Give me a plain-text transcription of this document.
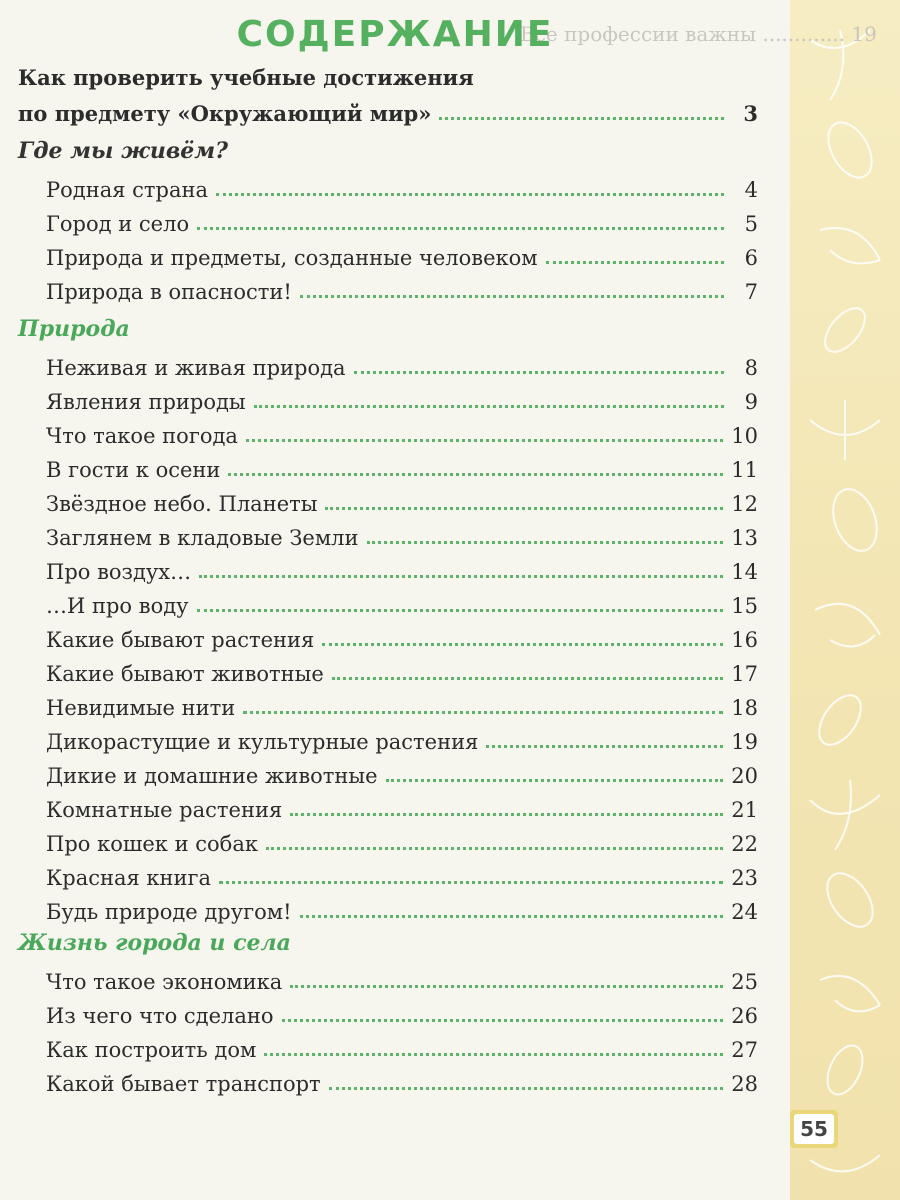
Все профессии важны ............. 19
СОДЕРЖАНИЕ
Как проверить учебные достижения
по предмету «Окружающий мир»	3
Где мы живём?
Родная страна	4
Город и село	5
Природа и предметы, созданные человеком	6
Природа в опасности!	7
Природа
Неживая и живая природа	8
Явления природы	9
Что такое погода	10
В гости к осени	11
Звёздное небо. Планеты	12
Заглянем в кладовые Земли	13
Про воздух…	14
…И про воду	15
Какие бывают растения	16
Какие бывают животные	17
Невидимые нити	18
Дикорастущие и культурные растения	19
Дикие и домашние животные	20
Комнатные растения	21
Про кошек и собак	22
Красная книга	23
Будь природе другом!	24
Жизнь города и села
Что такое экономика	25
Из чего что сделано	26
Как построить дом	27
Какой бывает транспорт	28
55
